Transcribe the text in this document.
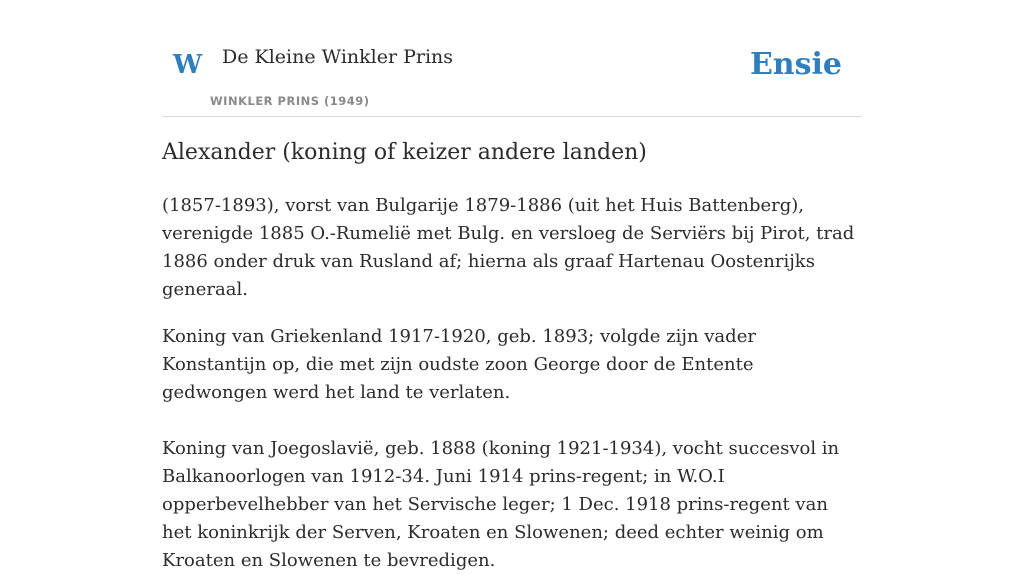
W De Kleine Winkler Prins
WINKLER PRINS (1949)
Ensie
Alexander (koning of keizer andere landen)

(1857-1893), vorst van Bulgarije 1879-1886 (uit het Huis Battenberg), verenigde 1885 O.-Rumelië met Bulg. en versloeg de Serviërs bij Pirot, trad 1886 onder druk van Rusland af; hierna als graaf Hartenau Oostenrijks generaal.

Koning van Griekenland 1917-1920, geb. 1893; volgde zijn vader Konstantijn op, die met zijn oudste zoon George door de Entente gedwongen werd het land te verlaten.

Koning van Joegoslavië, geb. 1888 (koning 1921-1934), vocht succesvol in Balkanoorlogen van 1912-34. Juni 1914 prins-regent; in W.O.I opperbevelhebber van het Servische leger; 1 Dec. 1918 prins-regent van het koninkrijk der Serven, Kroaten en Slowenen; deed echter weinig om Kroaten en Slowenen te bevredigen.
